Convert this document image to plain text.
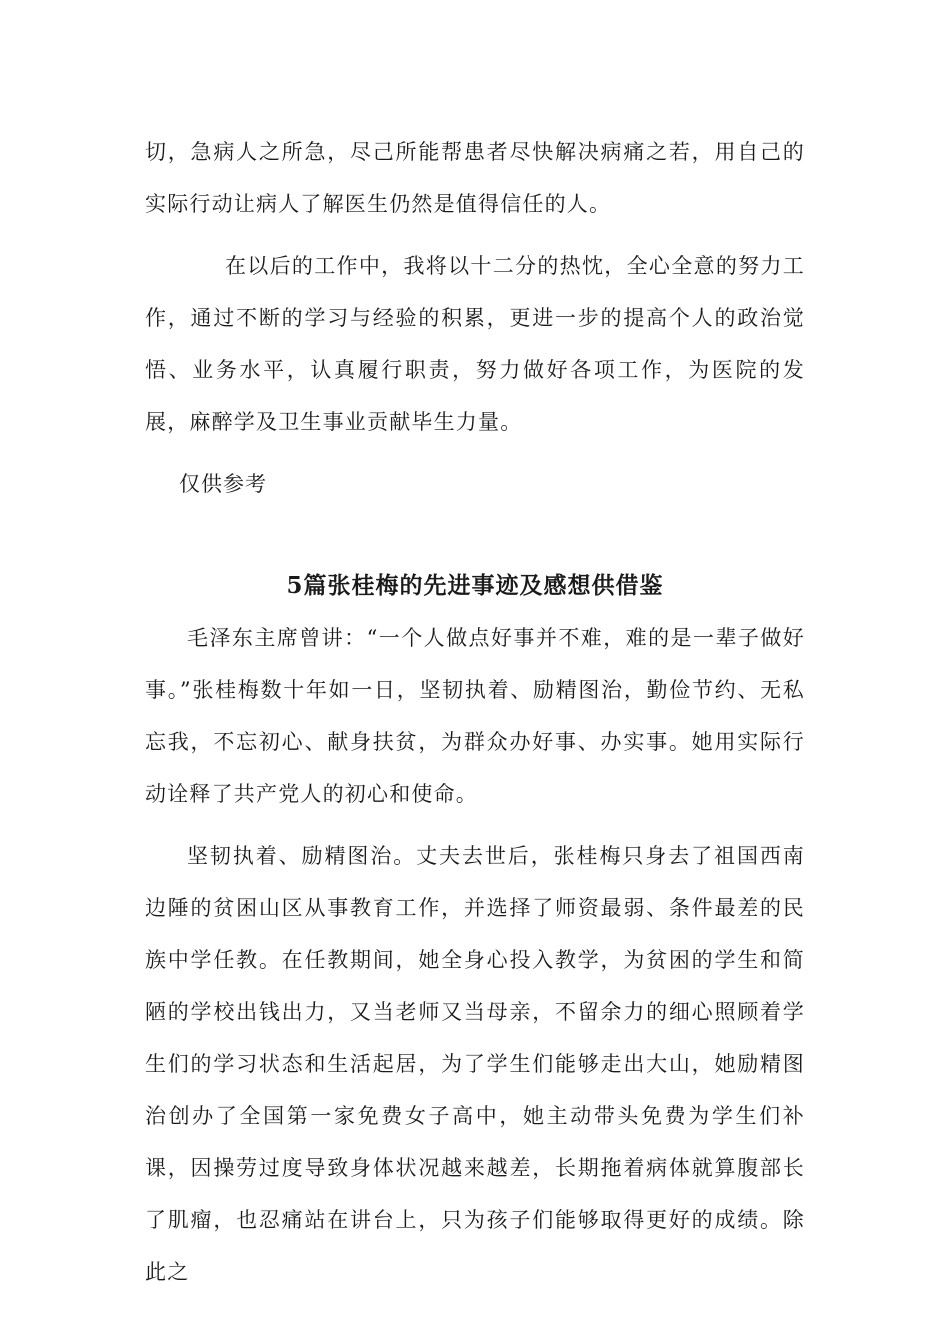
切，急病人之所急，尽己所能帮患者尽快解决病痛之若，用自己的实际行动让病人了解医生仍然是值得信任的人。

在以后的工作中，我将以十二分的热忱，全心全意的努力工作，通过不断的学习与经验的积累，更进一步的提高个人的政治觉悟、业务水平，认真履行职责，努力做好各项工作，为医院的发展，麻醉学及卫生事业贡献毕生力量。

仅供参考

5篇张桂梅的先进事迹及感想供借鉴

毛泽东主席曾讲：“一个人做点好事并不难，难的是一辈子做好事。”张桂梅数十年如一日，坚韧执着、励精图治，勤俭节约、无私忘我，不忘初心、献身扶贫，为群众办好事、办实事。她用实际行动诠释了共产党人的初心和使命。

坚韧执着、励精图治。丈夫去世后，张桂梅只身去了祖国西南边陲的贫困山区从事教育工作，并选择了师资最弱、条件最差的民族中学任教。在任教期间，她全身心投入教学，为贫困的学生和简陋的学校出钱出力，又当老师又当母亲，不留余力的细心照顾着学生们的学习状态和生活起居，为了学生们能够走出大山，她励精图治创办了全国第一家免费女子高中，她主动带头免费为学生们补课，因操劳过度导致身体状况越来越差，长期拖着病体就算腹部长了肌瘤，也忍痛站在讲台上，只为孩子们能够取得更好的成绩。除此之
